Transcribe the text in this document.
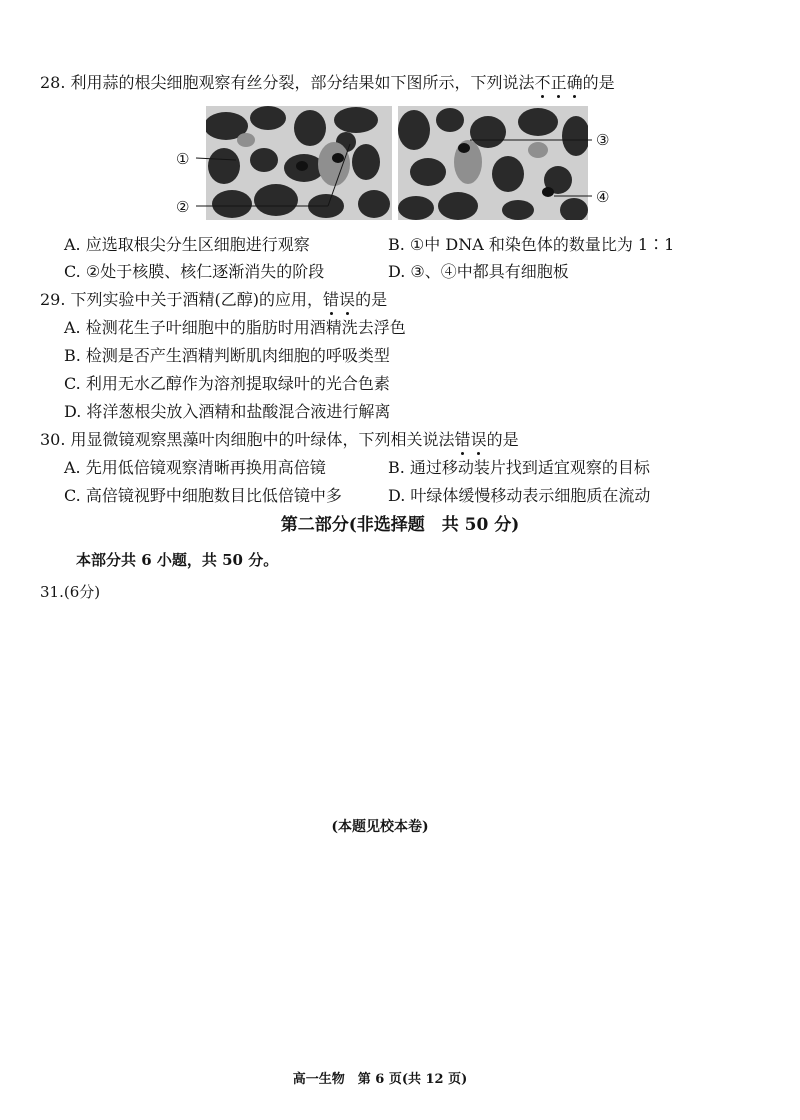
28. 利用蒜的根尖细胞观察有丝分裂，部分结果如下图所示，下列说法不正确的是
①
②
③
④
A. 应选取根尖分生区细胞进行观察	B. ①中 DNA 和染色体的数量比为 1∶1
C. ②处于核膜、核仁逐渐消失的阶段	D. ③、④中都具有细胞板
29. 下列实验中关于酒精(乙醇)的应用，错误的是
A. 检测花生子叶细胞中的脂肪时用酒精洗去浮色
B. 检测是否产生酒精判断肌肉细胞的呼吸类型
C. 利用无水乙醇作为溶剂提取绿叶的光合色素
D. 将洋葱根尖放入酒精和盐酸混合液进行解离
30. 用显微镜观察黑藻叶肉细胞中的叶绿体，下列相关说法错误的是
A. 先用低倍镜观察清晰再换用高倍镜	B. 通过移动装片找到适宜观察的目标
C. 高倍镜视野中细胞数目比低倍镜中多	D. 叶绿体缓慢移动表示细胞质在流动
第二部分(非选择题　共 50 分)
本部分共 6 小题，共 50 分。
31.(6分)
(本题见校本卷)
高一生物　第 6 页(共 12 页)
